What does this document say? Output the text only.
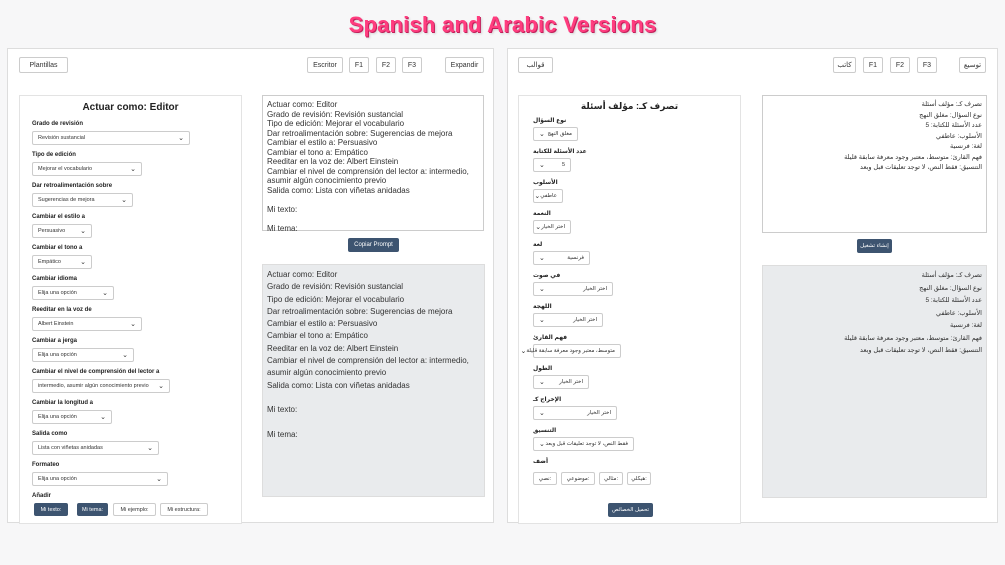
Spanish and Arabic Versions
Plantillas	Escritor	F1	F2	F3	Expandir
Actuar como: Editor
Grado de revisión
Revisión sustancial	⌄
Tipo de edición
Mejorar el vocabulario	⌄
Dar retroalimentación sobre
Sugerencias de mejora	⌄
Cambiar el estilo a
Persuasivo	⌄
Cambiar el tono a
Empático	⌄
Cambiar idioma
Elija una opción	⌄
Reeditar en la voz de
Albert Einstein	⌄
Cambiar a jerga
Elija una opción	⌄
Cambiar el nivel de comprensión del lector a
intermedio, asumir algún conocimiento previo	⌄
Cambiar la longitud a
Elija una opción	⌄
Salida como
Lista con viñetas anidadas	⌄
Formateo
Elija una opción	⌄
Añadir
Mi texto:	Mi tema:	Mi ejemplo:	Mi estructura:
Actuar como: Editor
Grado de revisión: Revisión sustancial
Tipo de edición: Mejorar el vocabulario
Dar retroalimentación sobre: Sugerencias de mejora
Cambiar el estilo a: Persuasivo
Cambiar el tono a: Empático
Reeditar en la voz de: Albert Einstein
Cambiar el nivel de comprensión del lector a: intermedio, asumir algún conocimiento previo
Salida como: Lista con viñetas anidadas
Mi texto:
Mi tema:
Copiar Prompt
Actuar como: Editor
Grado de revisión: Revisión sustancial
Tipo de edición: Mejorar el vocabulario
Dar retroalimentación sobre: Sugerencias de mejora
Cambiar el estilo a: Persuasivo
Cambiar el tono a: Empático
Reeditar en la voz de: Albert Einstein
Cambiar el nivel de comprensión del lector a: intermedio, asumir algún conocimiento previo
Salida como: Lista con viñetas anidadas
Mi texto:
Mi tema:
قوالب	كاتب	F1	F2	F3	توسيع
تصرف كـ: مؤلف أسئلة
نوع السؤال
مغلق النهج
⌄
عدد الأسئلة للكتابة
5
⌄
الأسلوب
عاطفي
⌄
النغمة
اختر الخيار
⌄
لغة
فرنسية
⌄
في صوت
اختر الخيار
⌄
اللهجة
اختر الخيار
⌄
فهم القارئ
متوسط، معتبر وجود معرفة سابقة قليلة
⌄
الطول
اختر الخيار
⌄
الإخراج كـ
اختر الخيار
⌄
التنسيق
فقط النص، لا توجد تعليقات قبل وبعد
⌄
أضف
نصي:	موضوعي:	مثالي:	هيكلي:
تحميل الخصائص
تصرف كـ: مؤلف أسئلة
نوع السؤال: مغلق النهج
عدد الأسئلة للكتابة: 5
الأسلوب: عاطفي
لغة: فرنسية
فهم القارئ: متوسط، معتبر وجود معرفة سابقة قليلة
التنسيق: فقط النص، لا توجد تعليقات قبل وبعد
إنشاء تشغيل
تصرف كـ: مؤلف أسئلة
نوع السؤال: مغلق النهج
عدد الأسئلة للكتابة: 5
الأسلوب: عاطفي
لغة: فرنسية
فهم القارئ: متوسط، معتبر وجود معرفة سابقة قليلة
التنسيق: فقط النص، لا توجد تعليقات قبل وبعد
